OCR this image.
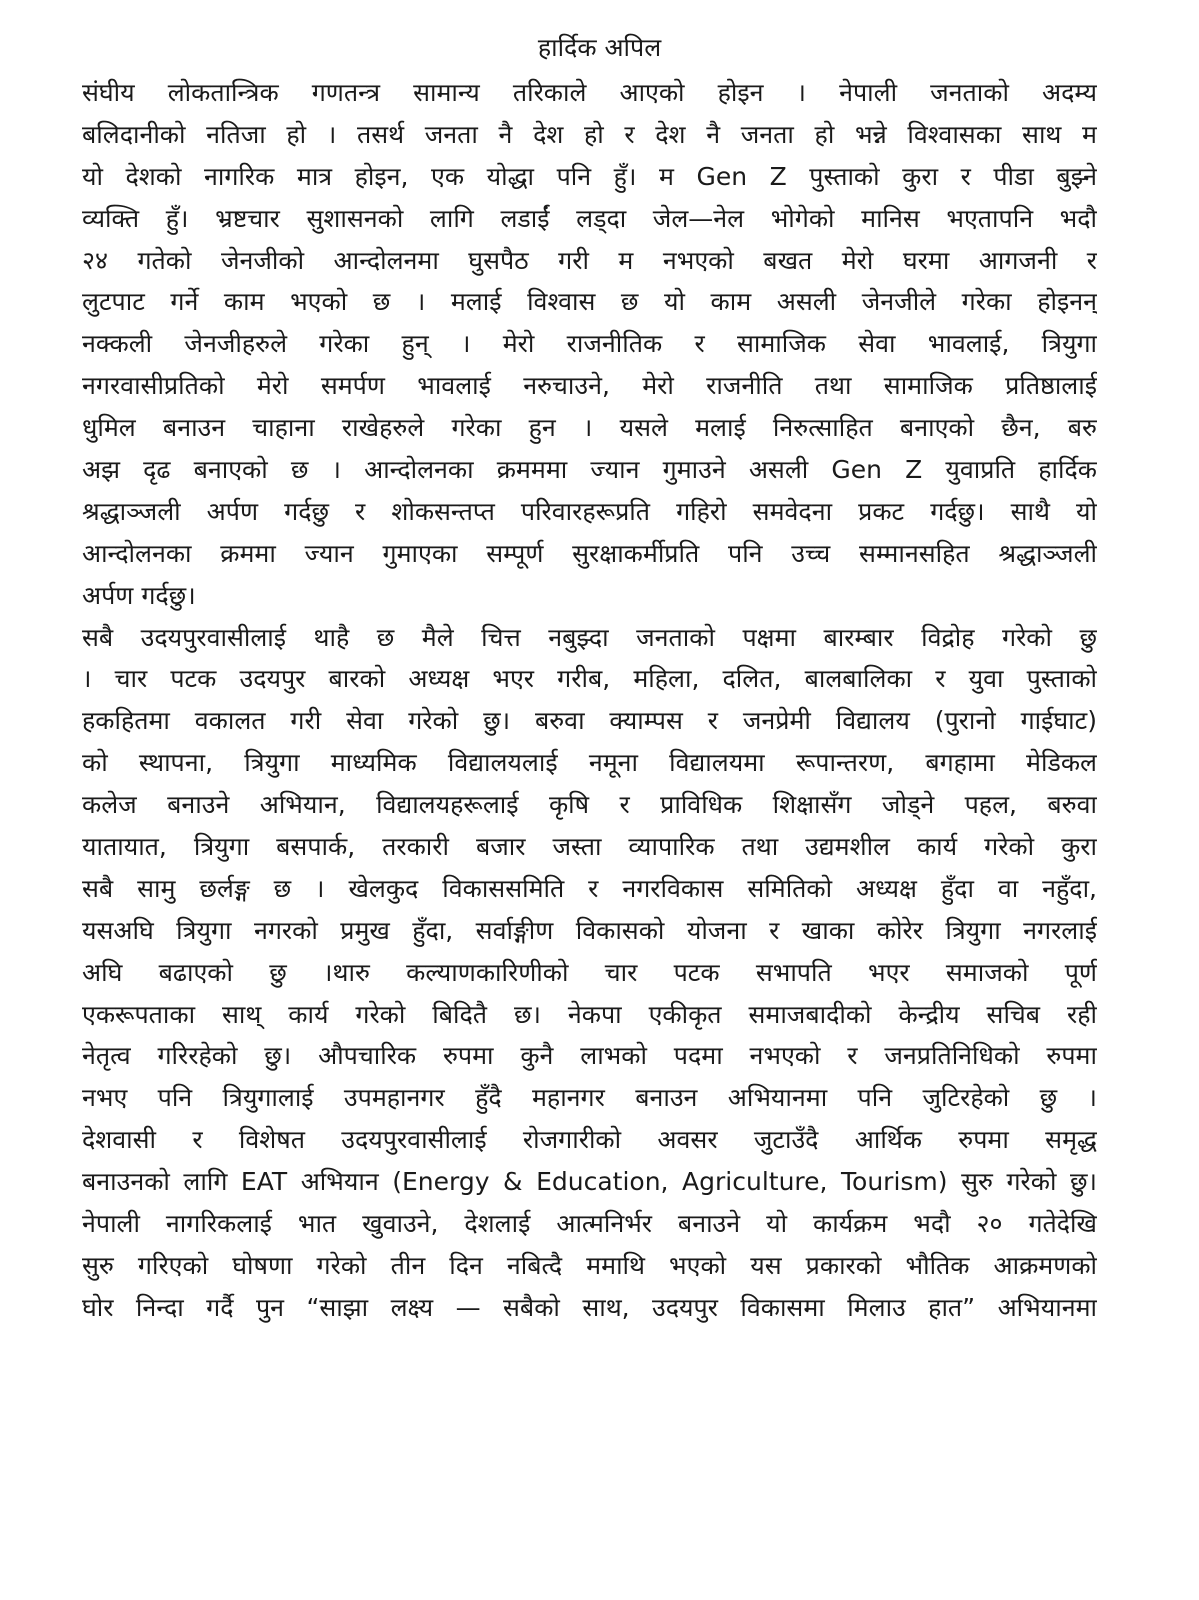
हार्दिक अपिल
संघीय लोकतान्त्रिक गणतन्त्र सामान्य तरिकाले आएको होइन । नेपाली जनताको अदम्य
बलिदानीको नतिजा हो । तसर्थ जनता नै देश हो र देश नै जनता हो भन्ने विश्वासका साथ म
यो देशको नागरिक मात्र होइन, एक योद्धा पनि हुँ। म Gen Z पुस्ताको कुरा र पीडा बुझ्ने
व्यक्ति हुँ। भ्रष्टचार सुशासनको लागि लडाईं लड्दा जेल—नेल भोगेको मानिस भएतापनि भदौ
२४ गतेको जेनजीको आन्दोलनमा घुसपैठ गरी म नभएको बखत मेरो घरमा आगजनी र
लुटपाट गर्ने काम भएको छ । मलाई विश्वास छ यो काम असली जेनजीले गरेका होइनन्
नक्कली जेनजीहरुले गरेका हुन् । मेरो राजनीतिक र सामाजिक सेवा भावलाई, त्रियुगा
नगरवासीप्रतिको मेरो समर्पण भावलाई नरुचाउने, मेरो राजनीति तथा सामाजिक प्रतिष्ठालाई
धुमिल बनाउन चाहाना राखेहरुले गरेका हुन । यसले मलाई निरुत्साहित बनाएको छैन, बरु
अझ दृढ बनाएको छ । आन्दोलनका क्रमममा ज्यान गुमाउने असली Gen Z युवाप्रति हार्दिक
श्रद्धाञ्जली अर्पण गर्दछु र शोकसन्तप्त परिवारहरूप्रति गहिरो समवेदना प्रकट गर्दछु। साथै यो
आन्दोलनका क्रममा ज्यान गुमाएका सम्पूर्ण सुरक्षाकर्मीप्रति पनि उच्च सम्मानसहित श्रद्धाञ्जली
अर्पण गर्दछु।
सबै उदयपुरवासीलाई थाहै छ मैले चित्त नबुझ्दा जनताको पक्षमा बारम्बार विद्रोह गरेको छु
। चार पटक उदयपुर बारको अध्यक्ष भएर गरीब, महिला, दलित, बालबालिका र युवा पुस्ताको
हकहितमा वकालत गरी सेवा गरेको छु। बरुवा क्याम्पस र जनप्रेमी विद्यालय (पुरानो गाईघाट)
को स्थापना, त्रियुगा माध्यमिक विद्यालयलाई नमूना विद्यालयमा रूपान्तरण, बगहामा मेडिकल
कलेज बनाउने अभियान, विद्यालयहरूलाई कृषि र प्राविधिक शिक्षासँग जोड्ने पहल, बरुवा
यातायात, त्रियुगा बसपार्क, तरकारी बजार जस्ता व्यापारिक तथा उद्यमशील कार्य गरेको कुरा
सबै सामु छर्लङ्ग छ । खेलकुद विकाससमिति र नगरविकास समितिको अध्यक्ष हुँदा वा नहुँदा,
यसअघि त्रियुगा नगरको प्रमुख हुँदा, सर्वाङ्गीण विकासको योजना र खाका कोरेर त्रियुगा नगरलाई
अघि बढाएको छु ।थारु कल्याणकारिणीको चार पटक सभापति भएर समाजको पूर्ण
एकरूपताका साथ् कार्य गरेको बिदितै छ। नेकपा एकीकृत समाजबादीको केन्द्रीय सचिब रही
नेतृत्व गरिरहेको छु। औपचारिक रुपमा कुनै लाभको पदमा नभएको र जनप्रतिनिधिको रुपमा
नभए पनि त्रियुगालाई उपमहानगर हुँदै महानगर बनाउन अभियानमा पनि जुटिरहेको छु ।
देशवासी र विशेषत उदयपुरवासीलाई रोजगारीको अवसर जुटाउँदै आर्थिक रुपमा समृद्ध
बनाउनको लागि EAT अभियान (Energy & Education, Agriculture, Tourism) सुरु गरेको छु।
नेपाली नागरिकलाई भात खुवाउने, देशलाई आत्मनिर्भर बनाउने यो कार्यक्रम भदौ २० गतेदेखि
सुरु गरिएको घोषणा गरेको तीन दिन नबित्दै ममाथि भएको यस प्रकारको भौतिक आक्रमणको
घोर निन्दा गर्दै पुन “साझा लक्ष्य — सबैको साथ, उदयपुर विकासमा मिलाउ हात” अभियानमा
